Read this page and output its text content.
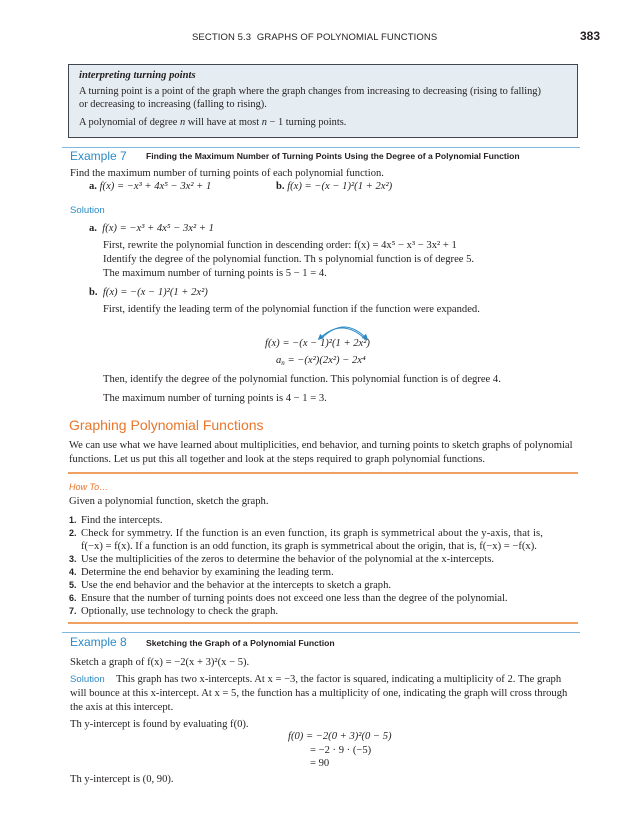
SECTION 5.3 GRAPHS OF POLYNOMIAL FUNCTIONS	383
interpreting turning points
A turning point is a point of the graph where the graph changes from increasing to decreasing (rising to falling)
or decreasing to increasing (falling to rising).
A polynomial of degree n will have at most n − 1 turning points.
Example 7 Finding the Maximum Number of Turning Points Using the Degree of a Polynomial Function
Find the maximum number of turning points of each polynomial function.
a. f(x) = −x³ + 4x⁵ − 3x² + 1	b. f(x) = −(x − 1)²(1 + 2x²)
Solution
a. f(x) = −x³ + 4x⁵ − 3x² + 1
First, rewrite the polynomial function in descending order: f(x) = 4x⁵ − x³ − 3x² + 1
Identify the degree of the polynomial function. Th s polynomial function is of degree 5.
The maximum number of turning points is 5 − 1 = 4.
b. f(x) = −(x − 1)²(1 + 2x²)
First, identify the leading term of the polynomial function if the function were expanded.
f(x) = −(x − 1)²(1 + 2x²)
$a_n = -(x^2)(2x^2) - 2x^4$
Then, identify the degree of the polynomial function. This polynomial function is of degree 4.
The maximum number of turning points is 4 − 1 = 3.
Graphing Polynomial Functions
We can use what we have learned about multiplicities, end behavior, and turning points to sketch graphs of polynomial
functions. Let us put this all together and look at the steps required to graph polynomial functions.
How To…
Given a polynomial function, sketch the graph.
1. Find the intercepts.
2. Check for symmetry. If the function is an even function, its graph is symmetrical about the y-axis, that is,
f(−x) = f(x). If a function is an odd function, its graph is symmetrical about the origin, that is, f(−x) = −f(x).
3. Use the multiplicities of the zeros to determine the behavior of the polynomial at the x-intercepts.
4. Determine the end behavior by examining the leading term.
5. Use the end behavior and the behavior at the intercepts to sketch a graph.
6. Ensure that the number of turning points does not exceed one less than the degree of the polynomial.
7. Optionally, use technology to check the graph.
Example 8 Sketching the Graph of a Polynomial Function
Sketch a graph of f(x) = −2(x + 3)²(x − 5).
Solution This graph has two x-intercepts. At x = −3, the factor is squared, indicating a multiplicity of 2. The graph
will bounce at this x-intercept. At x = 5, the function has a multiplicity of one, indicating the graph will cross through
the axis at this intercept.
Th y-intercept is found by evaluating f(0).
f(0) = −2(0 + 3)²(0 − 5)
= −2 · 9 · (−5)
= 90
Th y-intercept is (0, 90).
